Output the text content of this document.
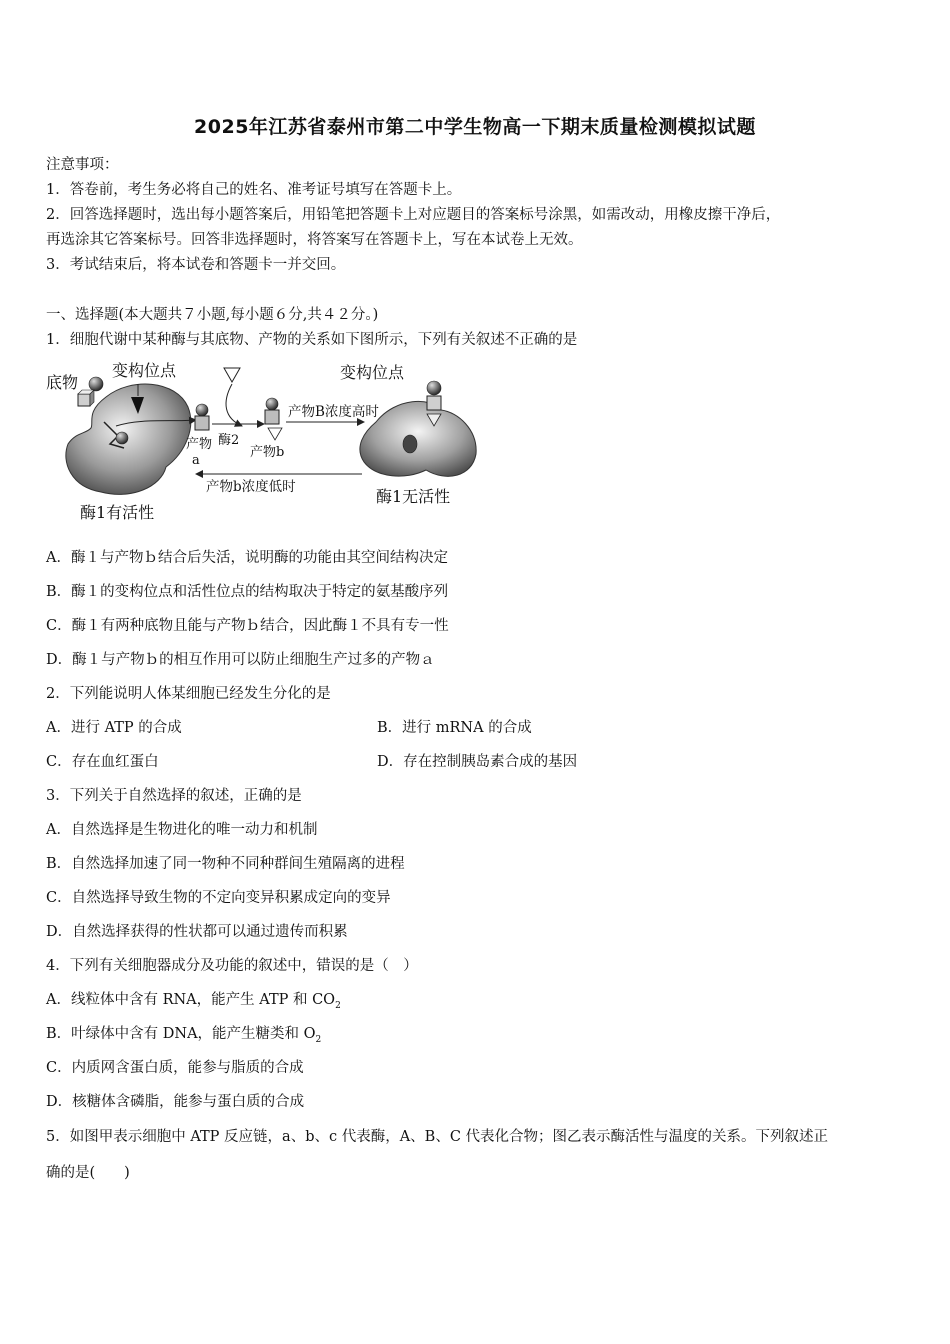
2025年江苏省泰州市第二中学生物高一下期末质量检测模拟试题
注意事项：
1．答卷前，考生务必将自己的姓名、准考证号填写在答题卡上。
2．回答选择题时，选出每小题答案后，用铅笔把答题卡上对应题目的答案标号涂黑，如需改动，用橡皮擦干净后，
再选涂其它答案标号。回答非选择题时，将答案写在答题卡上，写在本试卷上无效。
3．考试结束后，将本试卷和答题卡一并交回。
一、选择题(本大题共７小题,每小题６分,共４２分。)
1．细胞代谢中某种酶与其底物、产物的关系如下图所示，下列有关叙述不正确的是
产物
a
酶2
产物b
产物B浓度高时
产物b浓度低时
底物
变构位点	变构位点
酶1有活性
酶1无活性
A．酶１与产物ｂ结合后失活，说明酶的功能由其空间结构决定
B．酶１的变构位点和活性位点的结构取决于特定的氨基酸序列
C．酶１有两种底物且能与产物ｂ结合，因此酶１不具有专一性
D．酶１与产物ｂ的相互作用可以防止细胞生产过多的产物ａ
2．下列能说明人体某细胞已经发生分化的是
A．进行 ATP 的合成	B．进行 mRNA 的合成
C．存在血红蛋白	D．存在控制胰岛素合成的基因
3．下列关于自然选择的叙述，正确的是
A．自然选择是生物进化的唯一动力和机制
B．自然选择加速了同一物种不同种群间生殖隔离的进程
C．自然选择导致生物的不定向变异积累成定向的变异
D．自然选择获得的性状都可以通过遗传而积累
4．下列有关细胞器成分及功能的叙述中，错误的是（　）
A．线粒体中含有 RNA，能产生 ATP 和 $CO_2$
B．叶绿体中含有 DNA，能产生糖类和 $O_2$
C．内质网含蛋白质，能参与脂质的合成
D．核糖体含磷脂，能参与蛋白质的合成
5．如图甲表示细胞中 ATP 反应链，a、b、c 代表酶，A、B、C 代表化合物；图乙表示酶活性与温度的关系。下列叙述正
确的是(　　)
